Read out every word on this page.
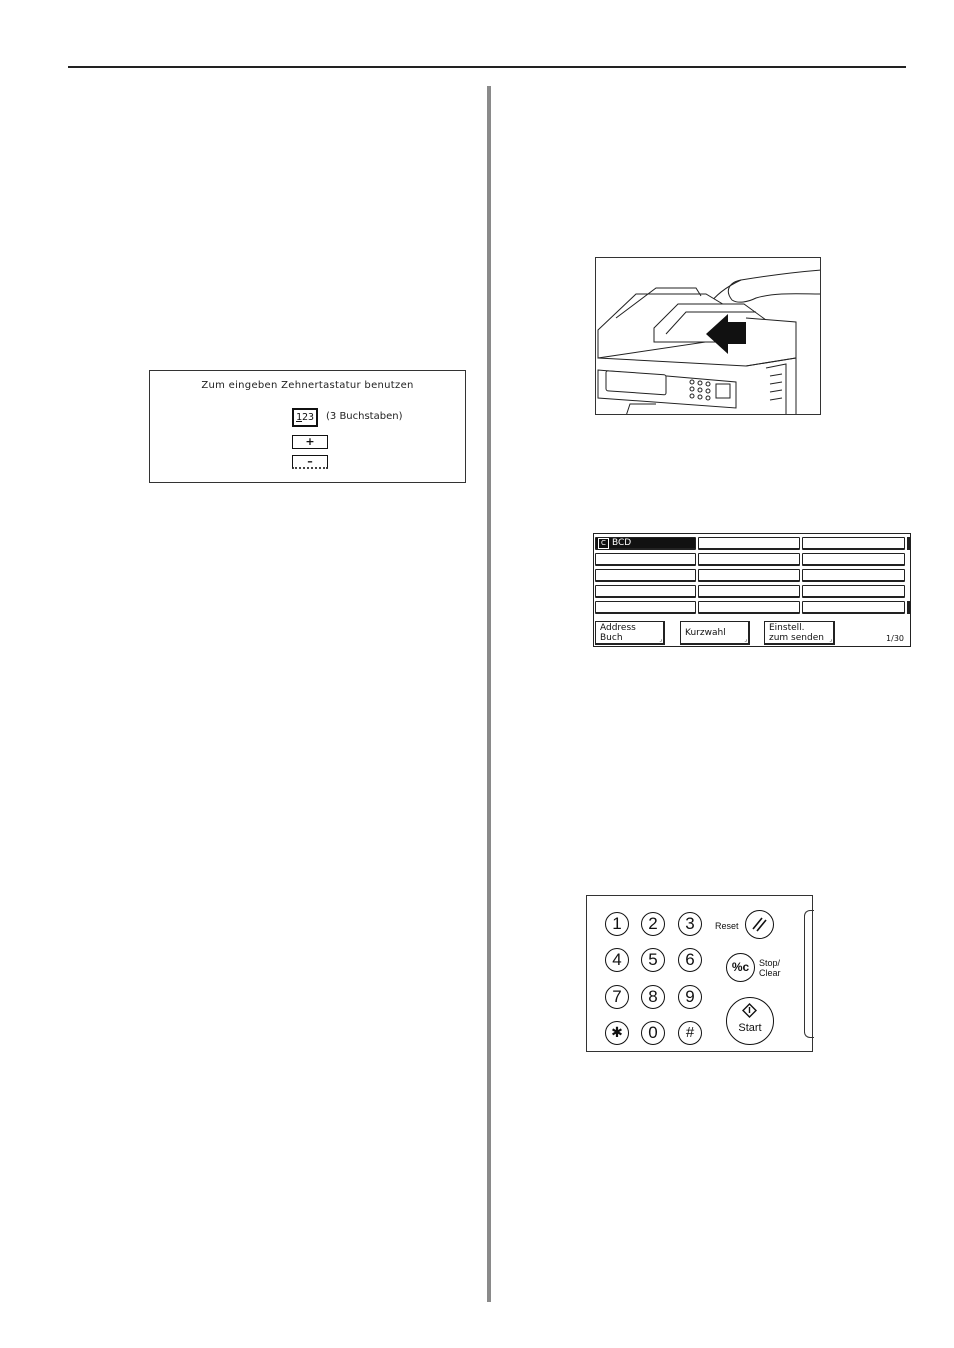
Zum eingeben Zehnertastatur benutzen
123	(3 Buchstaben)
+
–
C BCD
Address
Buch	⌟
Kurzwahl
⌟
Einstell.
zum senden ⌟	1/30
1	2	3
4	5	6
7	8	9
✱	0	#
Reset
%c	Stop/
Clear
Start
